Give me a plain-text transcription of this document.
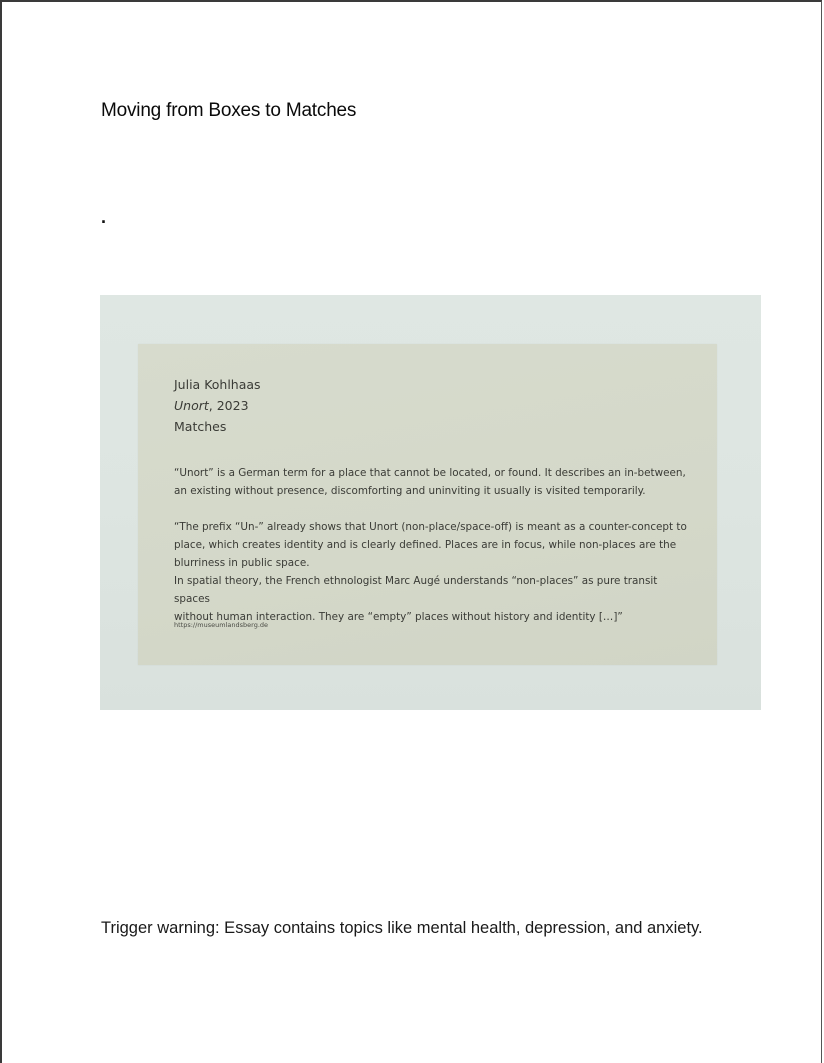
Moving from Boxes to Matches
.
Julia Kohlhaas
Unort, 2023
Matches
“Unort” is a German term for a place that cannot be located, or found. It describes an in-between,
an existing without presence, discomforting and uninviting it usually is visited temporarily.
“The prefix “Un-” already shows that Unort (non-place/space-off) is meant as a counter-concept to
place, which creates identity and is clearly defined. Places are in focus, while non-places are the
blurriness in public space.
In spatial theory, the French ethnologist Marc Augé understands “non-places” as pure transit spaces
without human interaction. They are “empty” places without history and identity […]”
https://museumlandsberg.de
Trigger warning: Essay contains topics like mental health, depression, and anxiety.
